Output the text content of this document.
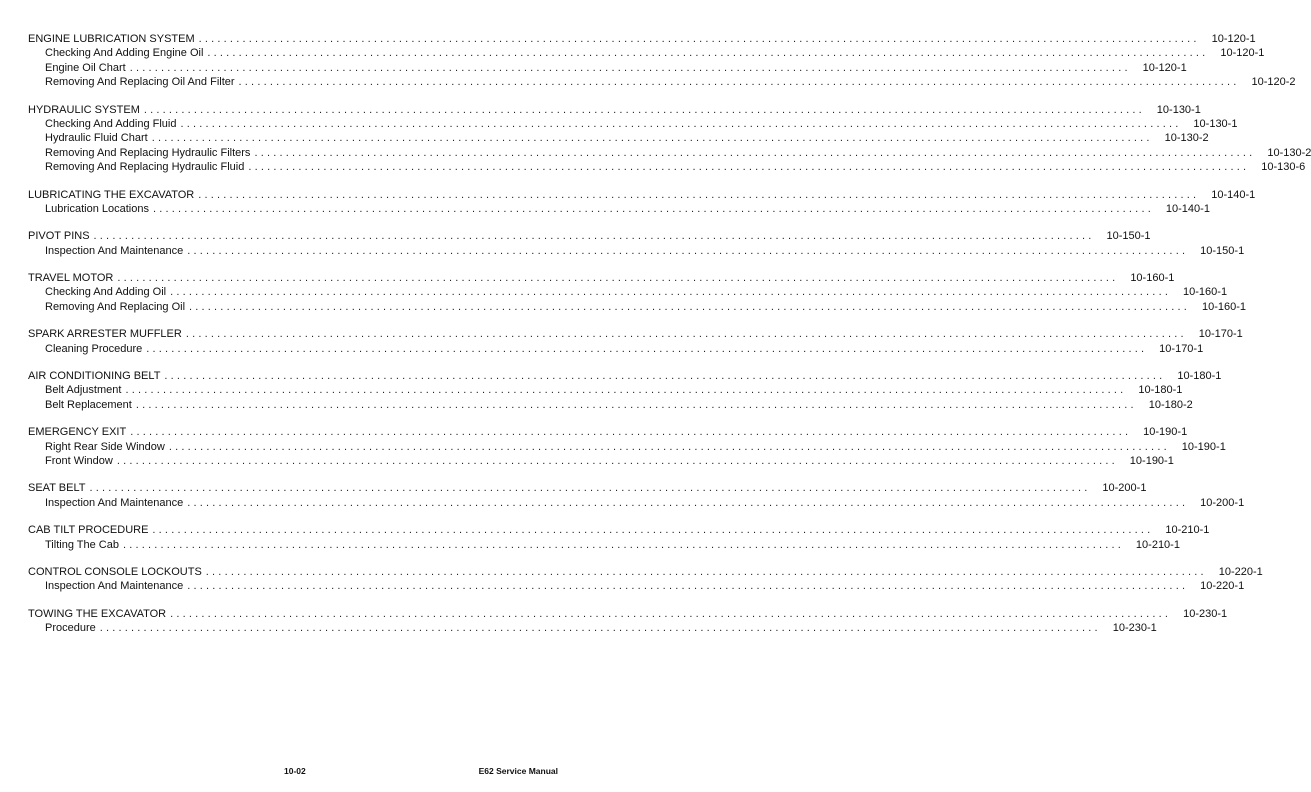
ENGINE LUBRICATION SYSTEM ................................................................................................................................................................	10-120-1
Checking And Adding Engine Oil ................................................................................................................................................................	10-120-1
Engine Oil Chart ................................................................................................................................................................	10-120-1
Removing And Replacing Oil And Filter ................................................................................................................................................................	10-120-2
HYDRAULIC SYSTEM ................................................................................................................................................................	10-130-1
Checking And Adding Fluid ................................................................................................................................................................	10-130-1
Hydraulic Fluid Chart ................................................................................................................................................................	10-130-2
Removing And Replacing Hydraulic Filters ................................................................................................................................................................	10-130-2
Removing And Replacing Hydraulic Fluid ................................................................................................................................................................	10-130-6
LUBRICATING THE EXCAVATOR ................................................................................................................................................................	10-140-1
Lubrication Locations ................................................................................................................................................................	10-140-1
PIVOT PINS ................................................................................................................................................................	10-150-1
Inspection And Maintenance ................................................................................................................................................................	10-150-1
TRAVEL MOTOR ................................................................................................................................................................	10-160-1
Checking And Adding Oil ................................................................................................................................................................	10-160-1
Removing And Replacing Oil ................................................................................................................................................................	10-160-1
SPARK ARRESTER MUFFLER ................................................................................................................................................................	10-170-1
Cleaning Procedure ................................................................................................................................................................	10-170-1
AIR CONDITIONING BELT ................................................................................................................................................................	10-180-1
Belt Adjustment ................................................................................................................................................................	10-180-1
Belt Replacement ................................................................................................................................................................	10-180-2
EMERGENCY EXIT ................................................................................................................................................................	10-190-1
Right Rear Side Window ................................................................................................................................................................	10-190-1
Front Window ................................................................................................................................................................	10-190-1
SEAT BELT ................................................................................................................................................................	10-200-1
Inspection And Maintenance ................................................................................................................................................................	10-200-1
CAB TILT PROCEDURE ................................................................................................................................................................	10-210-1
Tilting The Cab ................................................................................................................................................................	10-210-1
CONTROL CONSOLE LOCKOUTS ................................................................................................................................................................	10-220-1
Inspection And Maintenance ................................................................................................................................................................	10-220-1
TOWING THE EXCAVATOR ................................................................................................................................................................	10-230-1
Procedure ................................................................................................................................................................	10-230-1
10-02	E62 Service Manual
